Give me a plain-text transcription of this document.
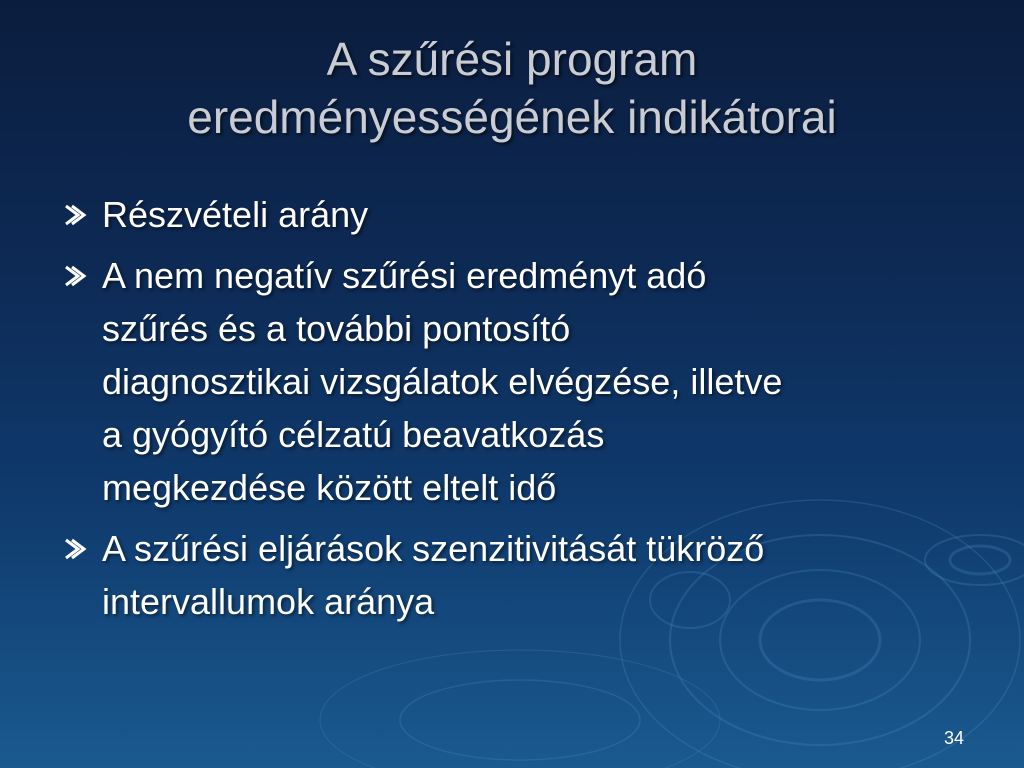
A szűrési program
eredményességének indikátorai
Részvételi arány
A nem negatív szűrési eredményt adó
szűrés és a további pontosító
diagnosztikai vizsgálatok elvégzése, illetve
a gyógyító célzatú beavatkozás
megkezdése között eltelt idő
A szűrési eljárások szenzitivitását tükröző
intervallumok aránya
34
